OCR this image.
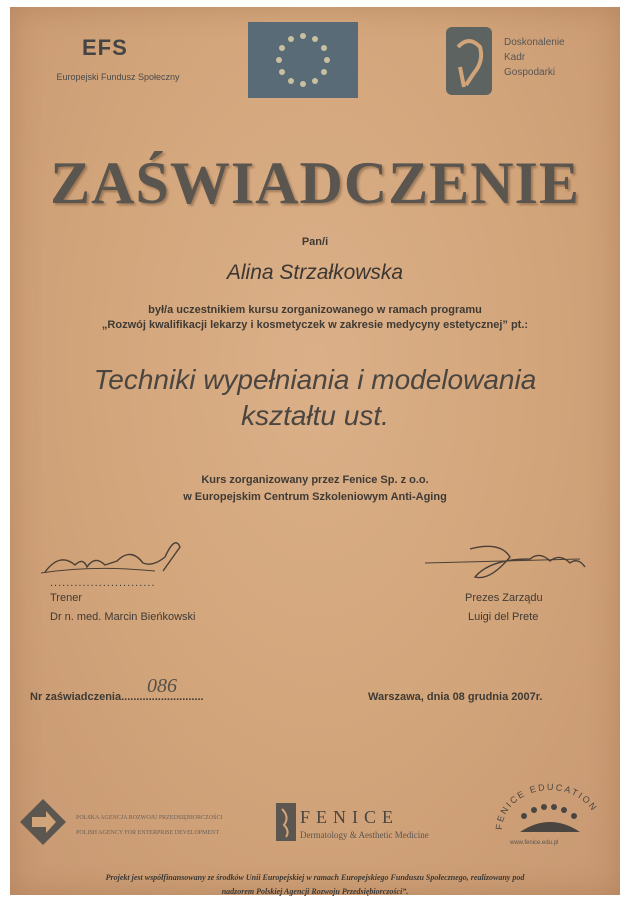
EFS
Europejski Fundusz Społeczny
Doskonalenie
Kadr
Gospodarki
ZAŚWIADCZENIE
Pan/i
Alina Strzałkowska
był/a uczestnikiem kursu zorganizowanego w ramach programu
„Rozwój kwalifikacji lekarzy i kosmetyczek w zakresie medycyny estetycznej” pt.:
Techniki wypełniania i modelowania
kształtu ust.
Kurs zorganizowany przez Fenice Sp. z o.o.
w Europejskim Centrum Szkoleniowym Anti-Aging
..........................
Trener
Dr n. med. Marcin Bieńkowski
Prezes Zarządu
Luigi del Prete
Nr zaświadczenia...........................
086	Warszawa, dnia 08 grudnia 2007r.
POLSKA AGENCJA ROZWOJU PRZEDSIĘBIORCZOŚCI
POLISH AGENCY FOR ENTERPRISE DEVELOPMENT
FENICE
Dermatology & Aesthetic Medicine
FENICE EDUCATION
www.fenice.edu.pl
Projekt jest współfinansowany ze środków Unii Europejskiej w ramach Europejskiego Funduszu Społecznego, realizowany pod
nadzorem Polskiej Agencji Rozwoju Przedsiębiorczości”.
